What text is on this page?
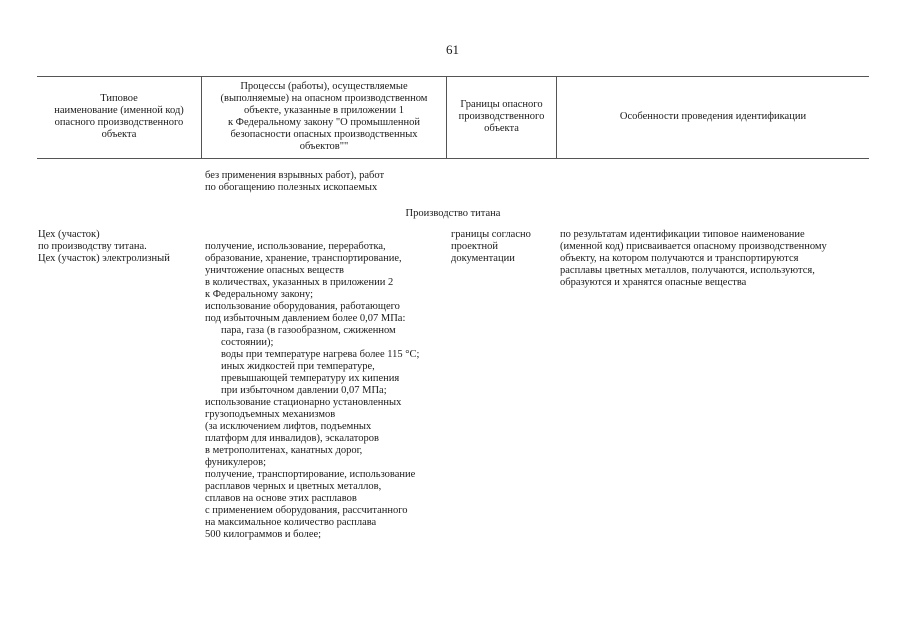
61
Типовое
наименование (именной код)
опасного производственного
объекта
Процессы (работы), осуществляемые
(выполняемые) на опасном производственном
объекте, указанные в приложении 1
к Федеральному закону "О промышленной
безопасности опасных производственных
объектов""
Границы опасного
производственного
объекта
Особенности проведения идентификации
без применения взрывных работ), работ
по обогащению полезных ископаемых
Производство титана
Цех (участок)
по производству титана.
Цех (участок) электролизный

получение, использование, переработка,
образование, хранение, транспортирование,
уничтожение опасных веществ
в количествах, указанных в приложении 2
к Федеральному закону;
использование оборудования, работающего
под избыточным давлением более 0,07 МПа:
пара, газа (в газообразном, сжиженном
состоянии);
воды при температуре нагрева более 115 °С;
иных жидкостей при температуре,
превышающей температуру их кипения
при избыточном давлении 0,07 МПа;
использование стационарно установленных
грузоподъемных механизмов
(за исключением лифтов, подъемных
платформ для инвалидов), эскалаторов
в метрополитенах, канатных дорог,
фуникулеров;
получение, транспортирование, использование
расплавов черных и цветных металлов,
сплавов на основе этих расплавов
с применением оборудования, рассчитанного
на максимальное количество расплава
500 килограммов и более;

границы согласно
проектной
документации
по результатам идентификации типовое наименование
(именной код) присваивается опасному производственному
объекту, на котором получаются и транспортируются
расплавы цветных металлов, получаются, используются,
образуются и хранятся опасные вещества
